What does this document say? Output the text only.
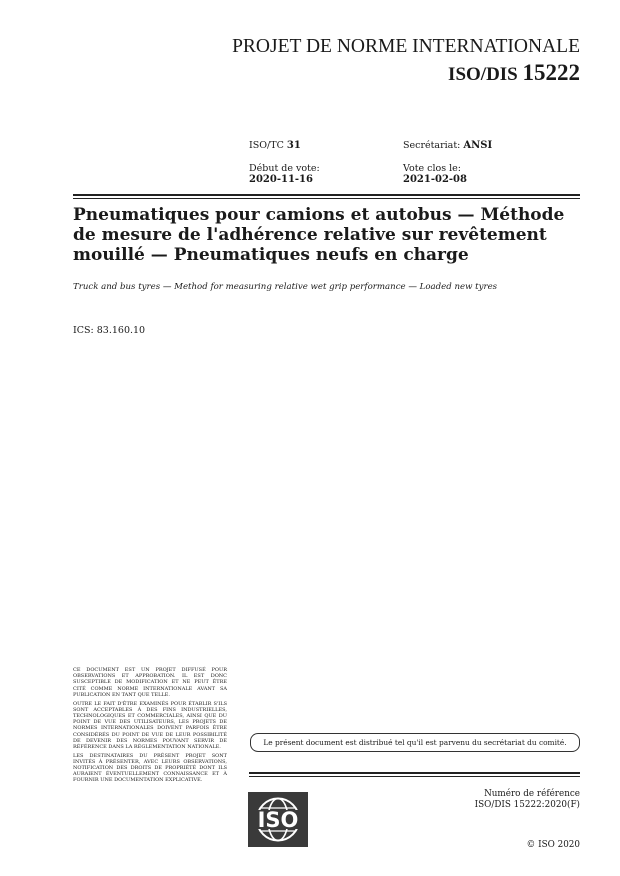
PROJET DE NORME INTERNATIONALE
ISO/DIS 15222
ISO/TC 31	Secrétariat: ANSI
Début de vote:
2020-11-16
Vote clos le:
2021-02-08
Pneumatiques pour camions et autobus — Méthode de mesure de l'adhérence relative sur revêtement mouillé — Pneumatiques neufs en charge
Truck and bus tyres — Method for measuring relative wet grip performance — Loaded new tyres
ICS: 83.160.10

CE DOCUMENT EST UN PROJET DIFFUSÉ POUR OBSERVATIONS ET APPROBATION. IL EST DONC SUSCEPTIBLE DE MODIFICATION ET NE PEUT ÊTRE CITÉ COMME NORME INTERNATIONALE AVANT SA PUBLICATION EN TANT QUE TELLE.

OUTRE LE FAIT D'ÊTRE EXAMINÉS POUR ÉTABLIR S'ILS SONT ACCEPTABLES À DES FINS INDUSTRIELLES, TECHNOLOGIQUES ET COMMERCIALES, AINSI QUE DU POINT DE VUE DES UTILISATEURS, LES PROJETS DE NORMES INTERNATIONALES DOIVENT PARFOIS ÊTRE CONSIDÉRÉS DU POINT DE VUE DE LEUR POSSIBILITÉ DE DEVENIR DES NORMES POUVANT SERVIR DE RÉFÉRENCE DANS LA RÉGLEMENTATION NATIONALE.

LES DESTINATAIRES DU PRÉSENT PROJET SONT INVITÉS À PRÉSENTER, AVEC LEURS OBSERVATIONS, NOTIFICATION DES DROITS DE PROPRIÉTÉ DONT ILS AURAIENT ÉVENTUELLEMENT CONNAISSANCE ET À FOURNIR UNE DOCUMENTATION EXPLICATIVE.

Le présent document est distribué tel qu'il est parvenu du secrétariat du comité.
ISO
Numéro de référence
ISO/DIS 15222:2020(F)
© ISO 2020
